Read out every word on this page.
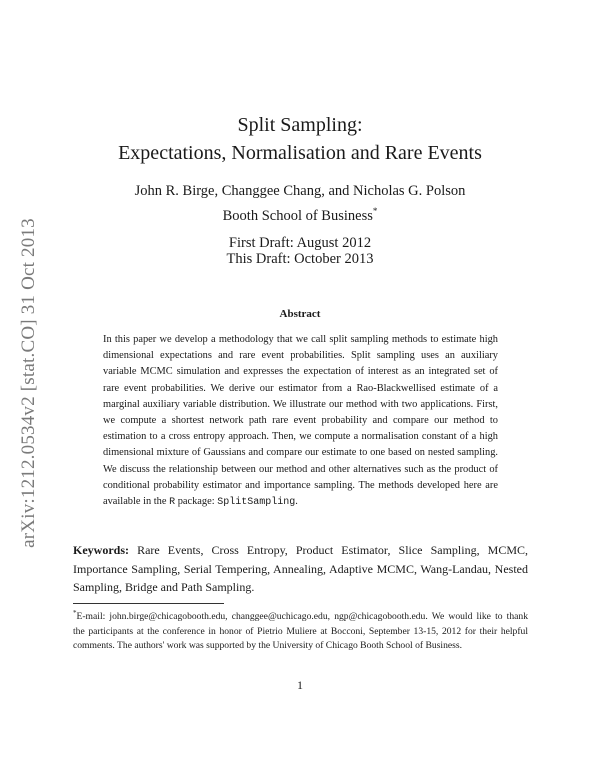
arXiv:1212.0534v2 [stat.CO] 31 Oct 2013
Split Sampling:
Expectations, Normalisation and Rare Events
John R. Birge, Changgee Chang, and Nicholas G. Polson
Booth School of Business*
First Draft: August 2012
This Draft: October 2013
Abstract
In this paper we develop a methodology that we call split sampling methods to estimate high dimensional expectations and rare event probabilities. Split sampling uses an auxiliary variable MCMC simulation and expresses the expectation of interest as an integrated set of rare event probabilities. We derive our estimator from a Rao-Blackwellised estimate of a marginal auxiliary variable distribution. We illustrate our method with two applications. First, we compute a shortest network path rare event probability and compare our method to estimation to a cross entropy approach. Then, we compute a normalisation constant of a high dimensional mixture of Gaussians and compare our estimate to one based on nested sampling. We discuss the relationship between our method and other alternatives such as the product of conditional probability estimator and importance sampling. The methods developed here are available in the R package: SplitSampling.
Keywords: Rare Events, Cross Entropy, Product Estimator, Slice Sampling, MCMC, Importance Sampling, Serial Tempering, Annealing, Adaptive MCMC, Wang-Landau, Nested Sampling, Bridge and Path Sampling.
*E-mail: john.birge@chicagobooth.edu, changgee@uchicago.edu, ngp@chicagobooth.edu. We would like to thank the participants at the conference in honor of Pietrio Muliere at Bocconi, September 13-15, 2012 for their helpful comments. The authors' work was supported by the University of Chicago Booth School of Business.
1
